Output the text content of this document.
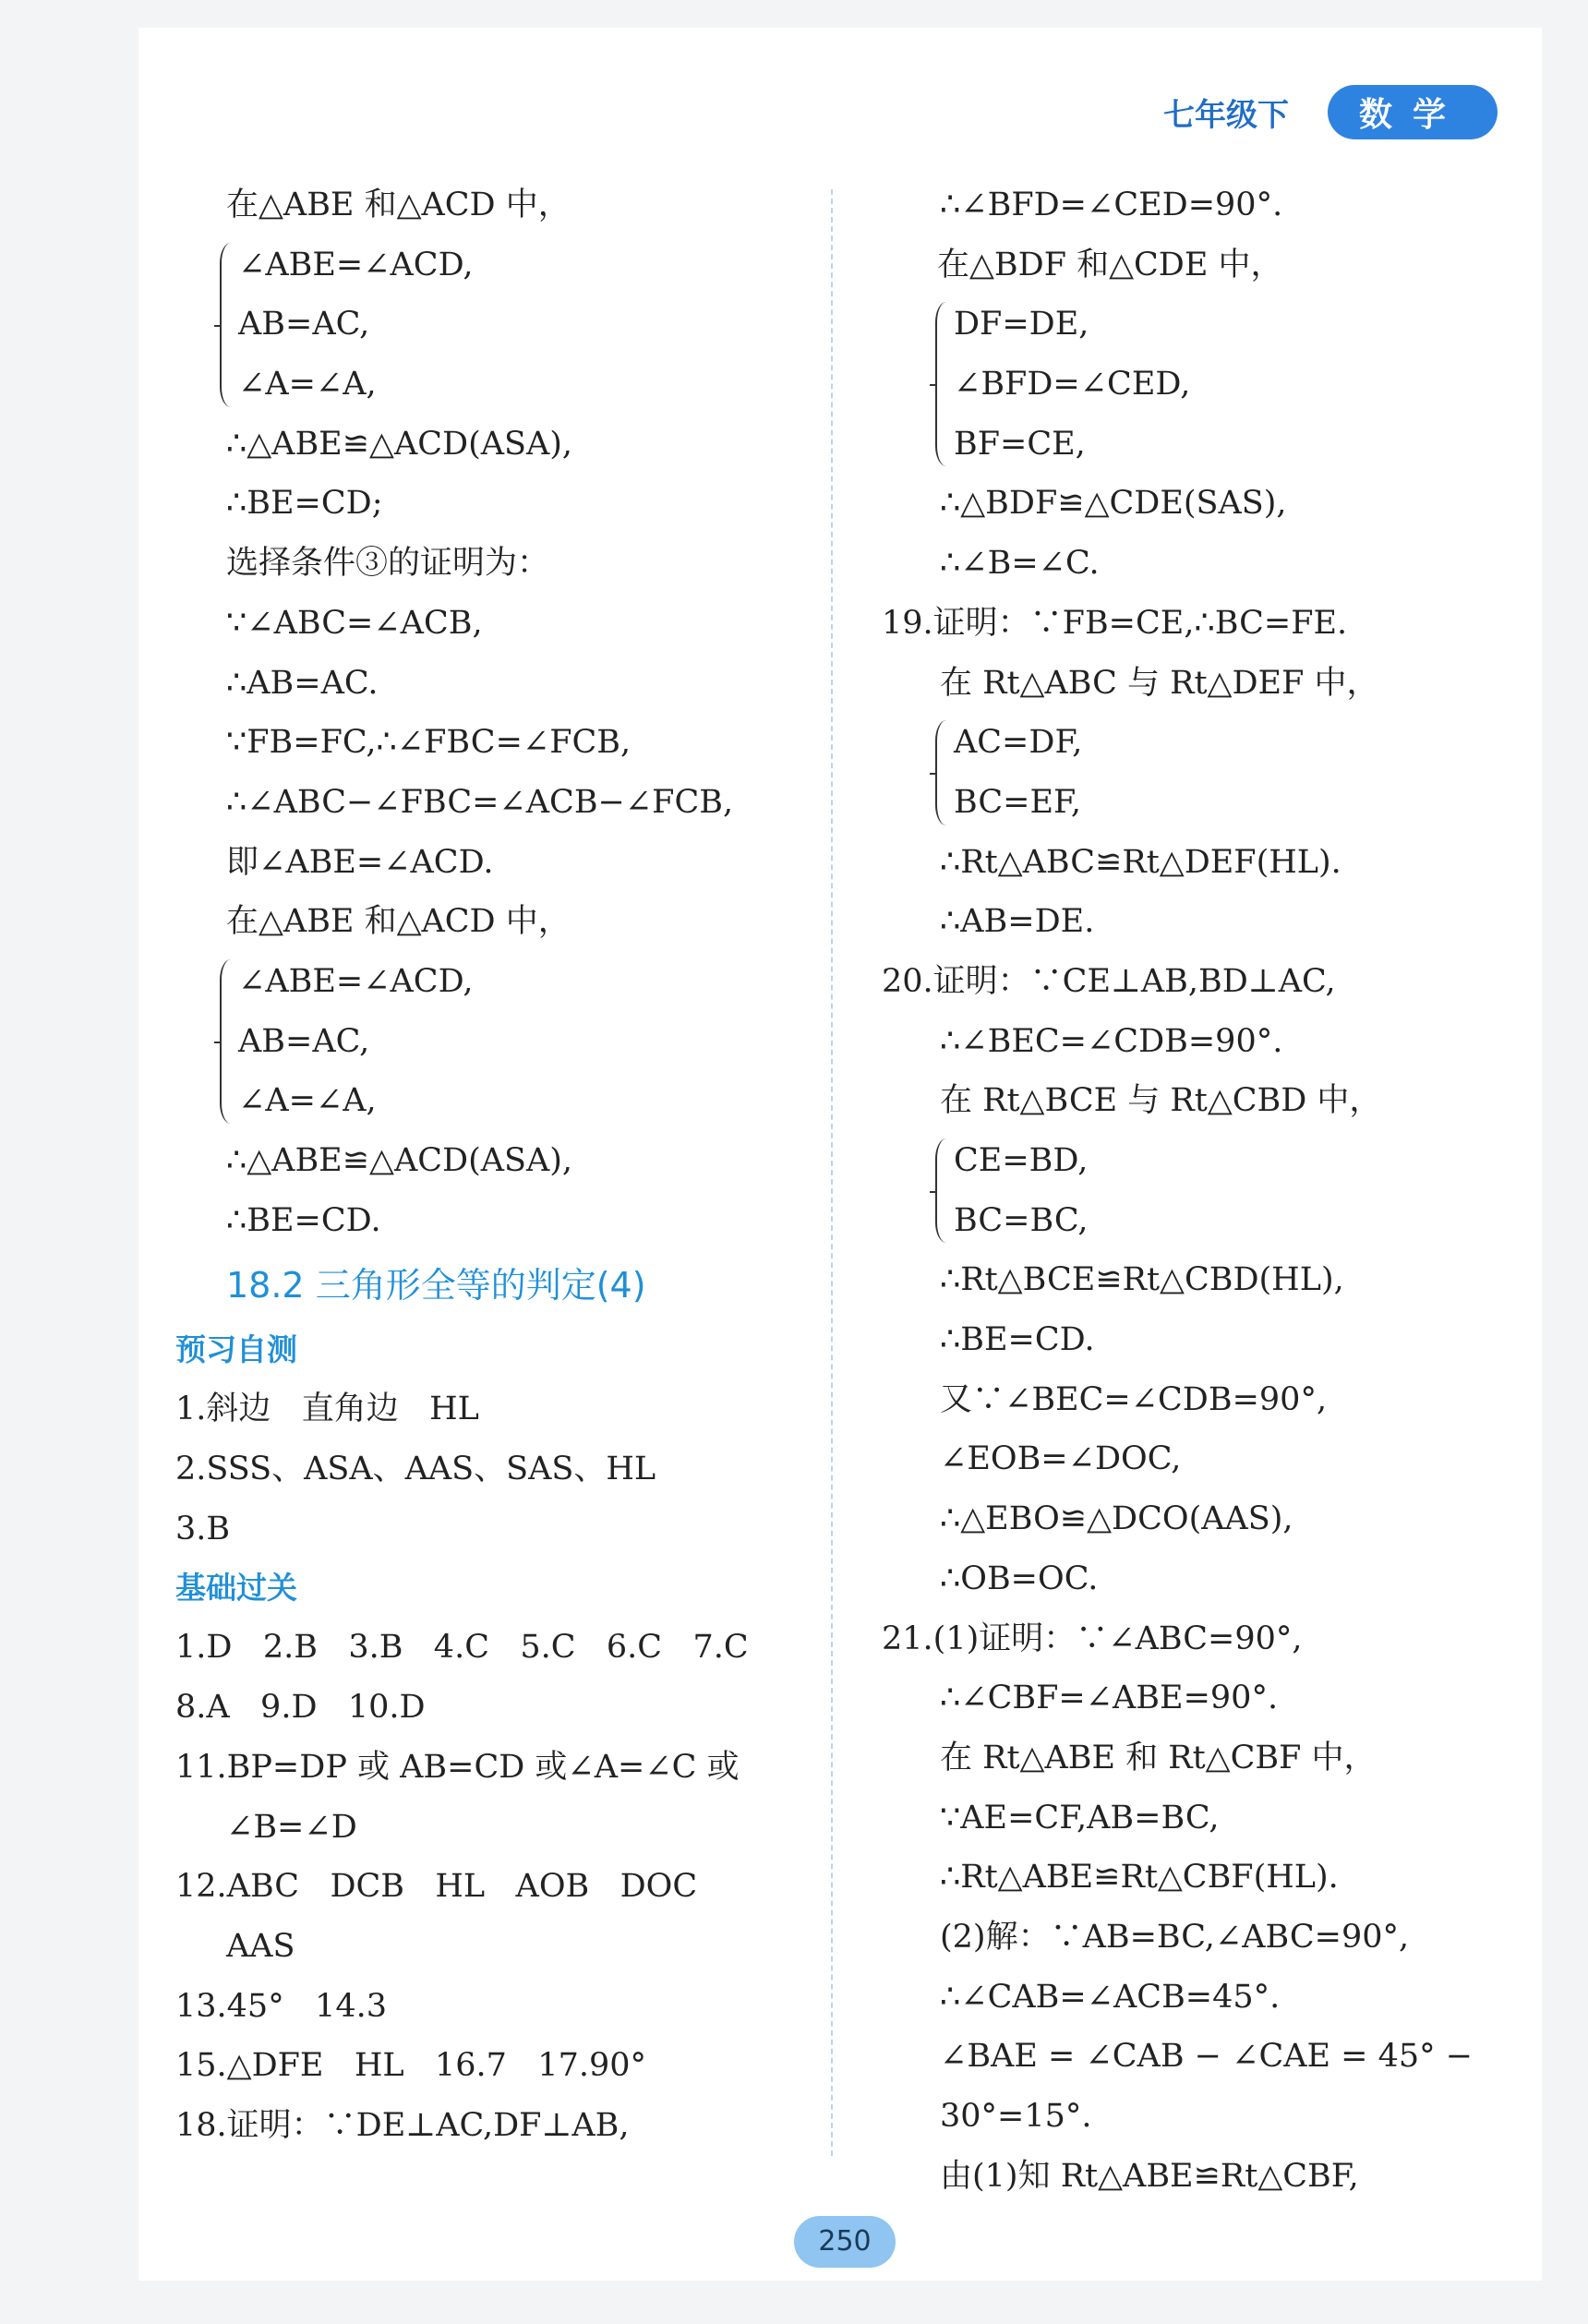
七年级下	数学
在△ABE 和△ACD 中，
∠ABE=∠ACD,
AB=AC,
∠A=∠A,
∴△ABE≌△ACD(ASA),
∴BE=CD;
选择条件③的证明为：
∵∠ABC=∠ACB,
∴AB=AC.
∵FB=FC,∴∠FBC=∠FCB,
∴∠ABC−∠FBC=∠ACB−∠FCB,
即∠ABE=∠ACD.
在△ABE 和△ACD 中，
∠ABE=∠ACD,
AB=AC,
∠A=∠A,
∴△ABE≌△ACD(ASA),
∴BE=CD.
18.2 三角形全等的判定(4)
预习自测
1.斜边   直角边   HL
2.SSS、ASA、AAS、SAS、HL
3.B
基础过关
1.D   2.B   3.B   4.C   5.C   6.C   7.C
8.A   9.D   10.D
11.BP=DP 或 AB=CD 或∠A=∠C 或
∠B=∠D
12.ABC   DCB   HL   AOB   DOC
AAS
13.45°   14.3
15.△DFE   HL   16.7   17.90°
18.证明：∵DE⊥AC,DF⊥AB,
∴∠BFD=∠CED=90°.
在△BDF 和△CDE 中，
DF=DE,
∠BFD=∠CED,
BF=CE,
∴△BDF≌△CDE(SAS),
∴∠B=∠C.
19.证明：∵FB=CE,∴BC=FE.
在 Rt△ABC 与 Rt△DEF 中，
AC=DF,
BC=EF,
∴Rt△ABC≌Rt△DEF(HL).
∴AB=DE.
20.证明：∵CE⊥AB,BD⊥AC,
∴∠BEC=∠CDB=90°.
在 Rt△BCE 与 Rt△CBD 中，
CE=BD,
BC=BC,
∴Rt△BCE≌Rt△CBD(HL),
∴BE=CD.
又∵∠BEC=∠CDB=90°,
∠EOB=∠DOC,
∴△EBO≌△DCO(AAS),
∴OB=OC.
21.(1)证明：∵∠ABC=90°,
∴∠CBF=∠ABE=90°.
在 Rt△ABE 和 Rt△CBF 中，
∵AE=CF,AB=BC,
∴Rt△ABE≌Rt△CBF(HL).
(2)解：∵AB=BC,∠ABC=90°,
∴∠CAB=∠ACB=45°.
∠BAE = ∠CAB − ∠CAE = 45° −
30°=15°.
由(1)知 Rt△ABE≌Rt△CBF,
250
